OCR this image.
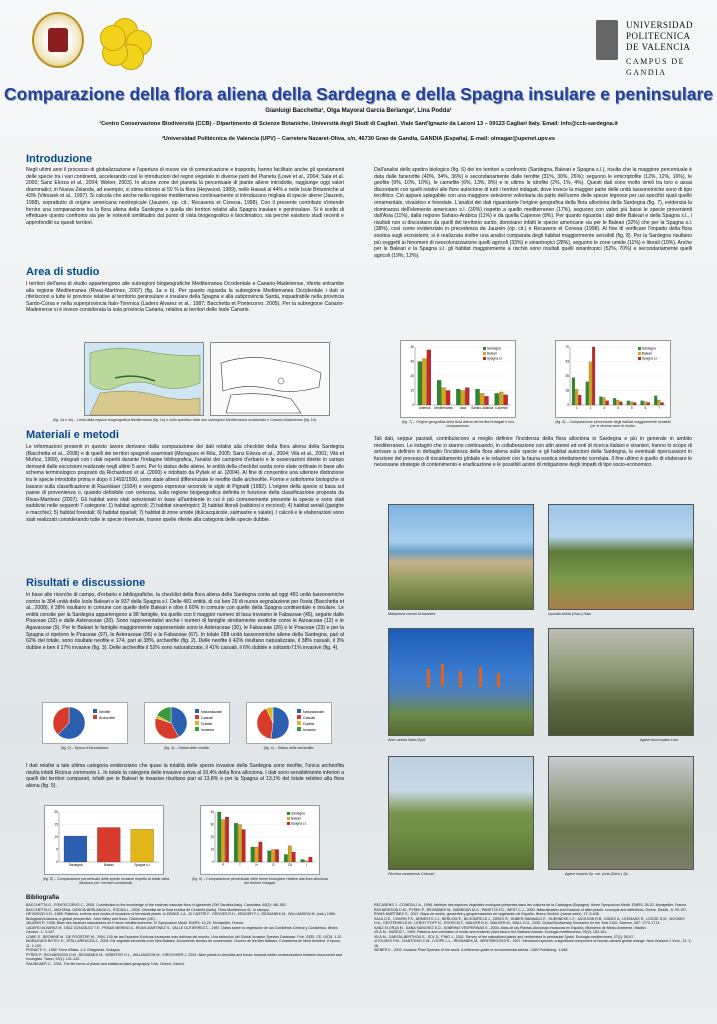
UNIVERSIDAD
POLITECNICA
DE VALENCIA
CAMPUS DE GANDIA
Comparazione della flora aliena della Sardegna e della Spagna insulare e peninsulare
Gianluigi Bacchetta¹, Olga Mayoral García Berlanga², Lina Podda¹
¹Centro Conservazione Biodiversità (CCB) - Dipartimento di Scienze Botaniche, Università degli Studi di Cagliari. Viale Sant'Ignazio da Laconi 13 – 09123 Cagliari Italy. Email: info@ccb-sardegna.it
²Universidad Politécnica de Valencia (UPV) – Carretera Nazaret-Oliva, s/n, 46730 Grao de Gandia, GANDIA (España). E-mail: olmagar@upvnet.upv.es
Introduzione
Negli ultimi anni il processo di globalizzazione e l'apertura di nuove vie di comunicazione e trasporto, hanno facilitato anche gli spostamenti delle specie tra i vari continenti, accelerando così le introduzioni del regno vegetale in diverse parti del Pianeta (Lowe et al., 2004; Sala et al. 2000; Sanz Elorza et al., 2004; Weber, 2003). In alcune zone del pianeta la percentuale di piante aliene introdotte, raggiunge oggi valori drammatici; in Nuova Zelanda, ad esempio, si stima intorno al 50 % la flora (Heywood, 1989), nelle Hawaii al 44% e nelle Isole Britanniche al 43% (Vitousek et al., 1997). Si calcola che anche nella regione mediterranea continuamente si introducano migliaia di specie aliene (Jauzein, 1998), soprattutto di origine americana neotropicale (Jauzein, op. cit.; Recasens et Conesa, 1998). Con il presente contributo s'intende fornire una comparazione tra la flora aliena della Sardegna e quella dei territori relativi alla Spagna insulare e peninsulare. Si è scelto di effettuare questo confronto sia per le notevoli similitudini dal punto di vista biogeografico e bioclimatico, sia perché esistono studi recenti e approfonditi su questi territori.
Area di studio
I territori dell'area di studio appartengono alle subregioni biogeografiche Mediterranea Occidentale e Canario-Madeirense, riferite entrambe alla regione Mediterranea (Rivas-Martínez, 2007) (fig. 1a e b). Per quanto riguarda la subregione Mediterranea Occidentale i dati si riferiscono a tutte le province relative al territorio peninsulare e insulare della Spagna e alla subprovincia Sarda, inquadrabile nella provincia Sardo-Corsa e nella superprovincia Italo-Tirrenica (Ladero Alvarez et al., 1987; Bacchetta et Pontecorvo, 2005). Per la subregione Canario-Madeirense si è invece considerata la sola provincia Canaria, relativa ai territori delle Isole Canarie.
(fig. 1a e 1b) – Limiti della regione biogeografica Mediterranea (fig. 1a) e nello specifico delle due subregioni Mediterranea occidentale e Canario-Madeirense (fig. 1b).
Materiali e metodi
Le informazioni presenti in questo lavoro derivano dalla comparazione dei dati relativi alla checklist della flora aliena della Sardegna (Bacchetta et al., 2008) e di quelli dei territori spagnoli esaminati (Moragues et Rita, 2005; Sanz Elorza et al., 2004; Vilà et al., 2001; Vilà et Muñoz, 1999), integrati con i dati reperiti durante l'indagine bibliografica, l'analisi dei campioni d'erbario e le osservazioni dirette in campo derivanti dalle escursioni realizzate negli ultimi 5 anni. Per lo status delle aliene, le entità della checklist sarda sono state ordinate in base allo schema terminologico proposto da Richardson et al. (2000) e ridottato da Pyšek et al. (2004). Al fine di consentire una ulteriore distinzione tra le specie introdotte prima e dopo il 1492/1500, sono state altresì differenziate le neofite dalle archeofite. Forme e sottoforme biologiche si basano sulla classificazione di Raunkiaer (1934) e vengono espresse secondo le sigle di Pignatti (1982). L'origine della specie si basa sul paese di provenienza o, quando definibile con certezza, sulla regione biogeografica definita in funzione della classificazione proposta da Rivas-Martinez (2007). Gli habitat sono stati selezionati in base all'ambiente in cui è più comunemente presente la specie e sono stati suddivisi nelle seguenti 7 categorie: 1) habitat agricoli; 2) habitat sinantropici; 3) habitat litorali (sabbiosi e rocciosi); 4) habitat seriali (garighe e macchie); 5) habitat forestali; 6) habitat ripariali; 7) habitat di zone umide (dulcacquicole, salmastre e salate). I calcoli e le elaborazioni sono stati realizzati considerando tutte le specie rinvenute, tranne quelle riferite alla categoria delle specie dubbie.
Risultati e discussione
In base alle ricerche di campo, d'erbario e bibliografiche, la checklist della flora aliena della Sardegna conta ad oggi 481 unità tassonomiche contro le 304 unità delle Isole Baleari e le 937 della Spagna s.l. Delle 481 entità, di cui ben 29 di nuova segnalazione per l'isola (Bacchetta et al., 2008), il 38% risultano in comune con quelle delle Baleari e oltre il 60% in comune con quelle della Spagna continentale e insulare. Le entità censite per la Sardegna appartengono a 98 famiglie, tra quelle con il maggior numero di taxa troviamo le Fabaceae (45), seguite dalle Poaceae (32) e dalle Asteraceae (30). Sono rappresentativi anche i numeri di famiglie strettamente esotiche come le Aizoaceae (12) e le Agavaceae (9). Per le Baleari le famiglie maggiormente rappresentate sono le Asteraceae (30), le Fabaceae (26) e le Poaceae (23) e per la Spagna si ripetono le Poaceae (97), le Asteraceae (95) e le Fabaceae (67). In totale 288 unità tassonomiche aliene della Sardegna, pari al 62% del totale, sono risultate neofite e 174, pari al 38%, archeofite (fig. 2). Delle neofite il 42% risultano naturalizzate, il 38% casuali, il 3% dubbie e ben il 17% invasive (fig. 3). Delle archeofite il 52% sono naturalizzate, il 41% casuali, il 6% dubbie e soltanto l'1% invasive (fig. 4).
Neofite
Archeofite
Naturalizzate
Casuali
Dubbie
Invasive
Naturalizzate
Casuali
Dubbie
Invasive
(fig. 2) – Epoca d'introduzione.	(fig. 3) – Status delle neofite.	(fig. 4) – Status delle archeofite.
I dati relativi a tale ultima categoria evidenziano che quasi la totalità delle specie invasive della Sardegna sono neofite, l'unica archeofita risulta infatti Ricinus communis L. In totale la categoria delle invasive arriva al 10,4% della flora alloctona. I dati sono sensibilmente inferiori a quelli dei territori comparati, infatti per le Baleari le invasive risultano pari al 13,8% e per la Spagna al 13,1% del totale relativo alla flora aliena (fig. 5).
0
5
10
15
20
Sardegna	Baleari	Spagna s.l.
0
10
20
30
40
P	T	H	G	Ch	I
Sardegna
Baleari
Spagna s.l.
(fig. 5) – Comparazione percentuale delle specie invasive rispetto al totale della alloctone per i territori considerati.
(fig. 6) – Comparazione percentuale delle forme biologiche relative alla flora alloctona dei territori indagati.
Dall'analisi dello spettro biologico (fig. 6) dei tre territori a confronto (Sardegna, Baleari e Spagna s.l.), risulta che la maggiore percentuale è data dalle fanerofite (40%, 34%, 36%) e secondariamente dalle terofite (31%, 30%, 26%); seguono le emicriptofite (12%, 12%, 16%), le geofite (9%, 10%, 10%), le camefite (6%, 13%, 8%) e in ultimo le idrofite (2%, 1%, 4%). Questi dati sono molto simili tra loro e assai discordanti con quelli relativi alle flore autoctone di tutti i territori indagati, dove invece la maggior parte delle unità tassonomiche sono di tipo terofitico. Ciò appare spiegabile con una maggiore selezione volontaria da parte dell'uomo delle specie legnose per usi specifici quali quello ornamentale, vivaistico e forestale. L'analisi dei dati riguardante l'origine geografica della flora alloctona della Sardegna (fig. 7), evidenzia la dominanza dell'elemento americano s.l. (30%) rispetto a quello mediterraneo (17%), seguono con valori più bassi le specie provenienti dall'Asia (11%), dalla regione Saharo-Arabica (11%) e da quella Capense (8%). Per quanto riguarda i dati delle Baleari e della Spagna s.l., i risultati non si discostano da quelli del territorio sardo, dominano infatti le specie americane sia per le Baleari (32%) che per la Spagna s.l. (38%), così come evidenziato in precedenza da Jauzein (op. cit.) e Recasens et Conesa (1998). Al fine di verificare l'impatto della flora esotica sugli ecosistemi, si è realizzata inoltre una analisi comparata degli habitat maggiormente sensibili (fig. 8). Per la Sardegna risultano più soggetti ai fenomeni di neocolonizzazione quelli agricoli (33%) e sinantropici (28%), seguono le zone umide (11%) e litorali (10%). Anche per le Baleari e la Spagna s.l. gli habitat maggiormente a rischio sono risultati quelli sinantropici (52%, 70%) e secondariamente quelli agricoli (19%, 12%).
0
10
20
30
40
America Mediterraneo Asia Saharo-Arabica Capense
Sardegna
Baleari
Spagna s.l.
0
18
35
53
70
1	2	3	4	5	6	7
Sardegna
Baleari
Spagna s.l.
(fig. 7) – Origine geografica della flora aliena dei territori indagati e loro comparazione.
(fig. 8) – Comparazione percentuale degli habitat maggiormente sensibili per le diverse aree di studio.
Tali dati, seppur parziali, contribuiscono a meglio definire l'incidenza della flora alloctona in Sardegna e più in generale in ambito mediterraneo. Le indagini che si stanno continuando, in collaborazione con altri atenei ed enti di ricerca italiani e stranieri, hanno lo scopo di arrivare a definire in dettaglio l'incidenza della flora aliena sulle specie e gli habitat autoctoni della Sardegna, le eventuali ripercussioni in funzione del processo di riscaldamento globale e le relazioni con la fauna esotica strettamente correlata. Il fine ultimo è quello di elaborare le necessarie strategie di contenimento e eradicazione e le possibili azioni di mitigazione degli impatti di tipo socio-economico.
Malephora crocea Schwantes	Opuntia stricta (Haw.) Haw.
Aloe camea Salm-Dyck	Agave fourcroydes Lem.
Pluchea canariensis Chiovari	Agave inopina Sp. var. picta (Salm.) Sp.
Bibliografia
BACCHETTA G., PONTECORVO C., 2005. Contribution to the knowledge of the endemic vascular flora of Iglesiente (SW Sardinia-Italy). Candollea, 60(2): 481-501.
BACCHETTA G., MAYORAL GARCÍA BERLANGA O., PODDA L., 2008. Checklist de la flora exótica de Cerdeña (Italia). Flora Montiberica 41. In stampa.
HEYWOOD V.H., 1989. Patterns, extents and modes of invasions of terrestrial plants. In DRAKE J.A., DI CASTRI F., GROVES R.H., KRUGER F.J., REJMANEK M., WILLIAMSON M. (eds.) 1989. Biological invasions, a global perspective. John Wiley and Sons, Chichester (UK).
JAUZEIN P., 1998. Bilan des espèces naturalisées en France méditerranéenne. VI Symposium Medit. EWRS: 19-25. Montpellier, France.
LADERO ALVAREZ M., DÍAZ GONZÁLEZ T.E., PENAS MERINO A., RIVAS-MARTÍNEZ S., VALLE GUTIÉRREZ C., 1987. Datos sobre la vegetación de las Cordilleras Central y Cantábrica. Itinera Geobot., 1: 3-147.
LOWE S., BROWNE M., DE POORTER M., 2004. 100 de las Especies Exóticas Invasoras más dañinas del mundo. Una selección del Global Invasive Species Database. Pub. GEEI, CE, UICN. 1-12.
MORAGUES BOTEY E., RITA LARRUCEA J., 2005. Els vegetals introduïts a les Illes Balears. Documents tècnics de conservació. Govern de les Illes Balears. Conselleria de Medi Ambient. II época, 11: 1-109.
PIGNATTI S., 1982. Flora d'Italia, 1-3. Edagricole, Bologna.
PYŠEK P., RICHARDSON D.M., REJMÁNEK M., WEBSTER G.L., WILLIAMSON M., KIRSCHNER J. 2004. Alien plants in checklist and floras: towards better communication between taxonomist and ecologists. Taxon, 53(1): 131-143.
RAUNKIAER C., 1934. The life forms of plants and statistical plant geography. Univ. Oxford, Oxford.
RECASENS J., CONESA J.A., 1998. Attributs des espèces végétales exotiques présentes dans les cultures de la Catalogne (Espagne). 6ème Symposium Médit. EWRS: 26-32. Montpellier, France.
RICHARDSON D.M., PYŠEK P., REJMÁNEK M., BARBOUR M.G., PANETTA F.D., WEST C.J., 2000. Naturalization and invasion of alien plants: concepts and definitions. Divers. Distrib., 6: 93-107.
RIVAS-MARTÍNEZ S., 2007. Mapa de series, geoseries y geopermaseries de vegetación de España. Itinera Geobot. (nueva serie), 17: 5-436.
SALA O.E., CHAPIN F.S., ARMESTO J.J., BERLOW E., BLOOMFIELD J., DIRZO R., HUBER-SANWALD E., HUENNEKE L.F., JACKSON R.B., KINZIG A., LEEMANS R., LODGE D.M., MOONEY H.A., OESTERHELD M., LEROY POFF N., SYKES M.T., WALKER B.H., WALKER M., WALL D.H., 2000. Global Biodiversity Scenarios for the Year 2100. Science, 287: 1770-1774.
SANZ ELORZA M., DANA SÁNCHEZ E.D., SOBRINO VESPERINAS E., 2004. Atlas de las Plantas Alóctonas Invasoras en España. Ministerio de Medio Ambiente, Madrid.
VILÀ M., MUÑOZ I., 1999. Patterns and correlates of exotic and endemic plant taxa in the Balearic islands. Ecologia mediterranea, 25(2): 153-161.
VILÀ M., GARCÍA-BERTHOU E., SOL D., PINO J., 2001. Survey of the naturalized plants and vertebrates in peninsular Spain. Ecologia mediterranea, 27(1): 55-67.
VITOUSEK P.M., D'ANTONIO C.M., LOOPE L.L., REJMANEK M., WESTBROOKS R., 1997. Introduced species: a significant component of human-caused global change. New Zealand J. Ecol., 21: 1-16.
WEBER E., 2003. Invasive Plant Species of the world. A reference guide to environmental weeds. CABI Publishing. 1-548.
